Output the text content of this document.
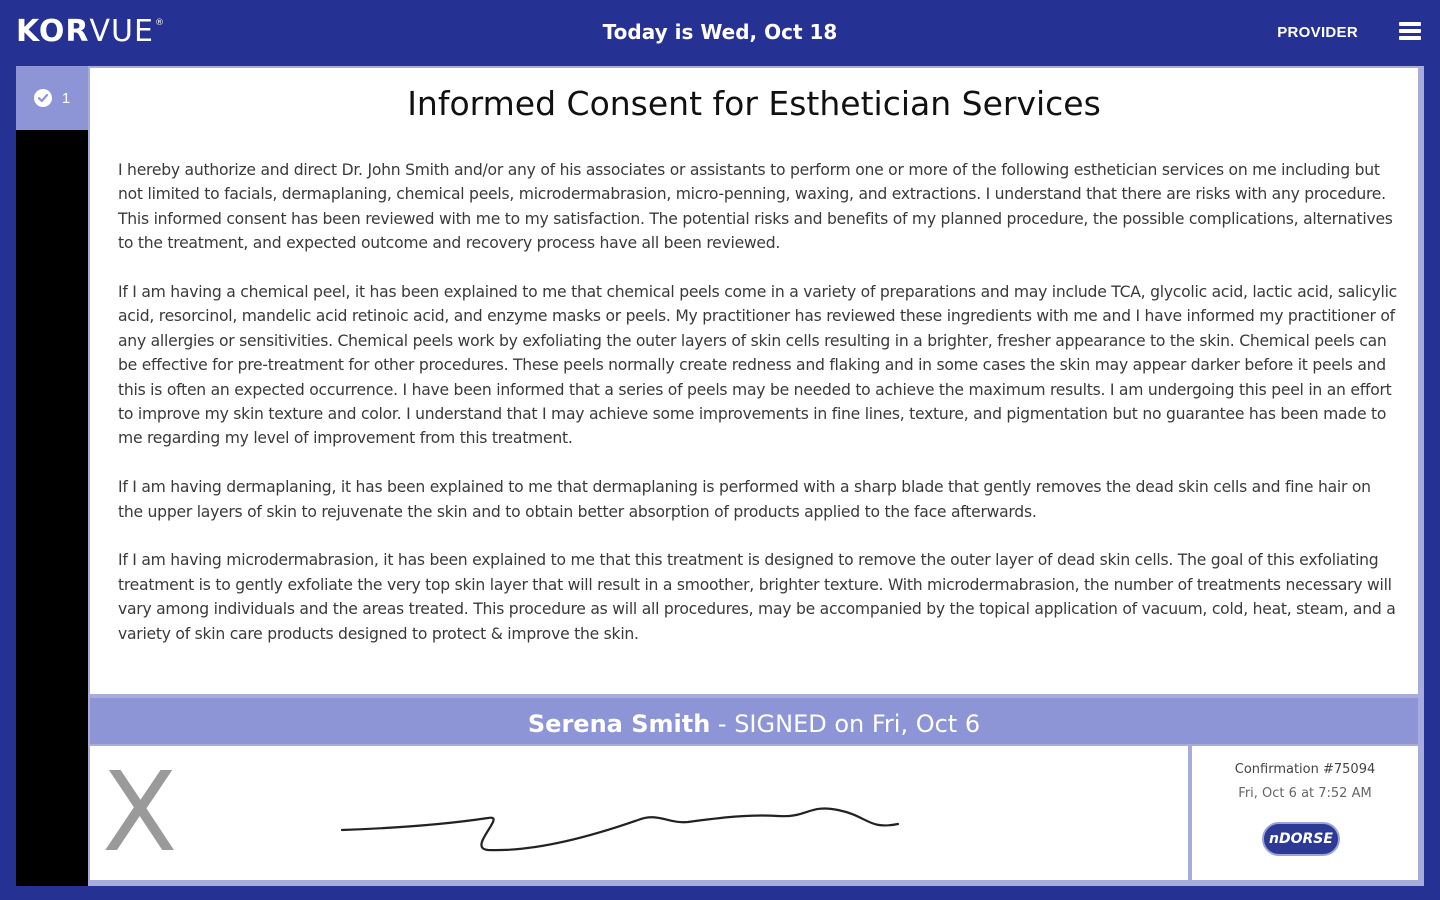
KOR VUE ®	Today is Wed, Oct 18	PROVIDER
1	Informed Consent for Esthetician Services

I hereby authorize and direct Dr. John Smith and/or any of his associates or assistants to perform one or more of the following esthetician services on me including but not limited to facials, dermaplaning, chemical peels, microdermabrasion, micro-penning, waxing, and extractions. I understand that there are risks with any procedure. This informed consent has been reviewed with me to my satisfaction. The potential risks and benefits of my planned procedure, the possible complications, alternatives to the treatment, and expected outcome and recovery process have all been reviewed.

If I am having a chemical peel, it has been explained to me that chemical peels come in a variety of preparations and may include TCA, glycolic acid, lactic acid, salicylic acid, resorcinol, mandelic acid retinoic acid, and enzyme masks or peels. My practitioner has reviewed these ingredients with me and I have informed my practitioner of any allergies or sensitivities. Chemical peels work by exfoliating the outer layers of skin cells resulting in a brighter, fresher appearance to the skin. Chemical peels can be effective for pre-treatment for other procedures. These peels normally create redness and flaking and in some cases the skin may appear darker before it peels and this is often an expected occurrence. I have been informed that a series of peels may be needed to achieve the maximum results. I am undergoing this peel in an effort to improve my skin texture and color. I understand that I may achieve some improvements in fine lines, texture, and pigmentation but no guarantee has been made to me regarding my level of improvement from this treatment.

If I am having dermaplaning, it has been explained to me that dermaplaning is performed with a sharp blade that gently removes the dead skin cells and fine hair on the upper layers of skin to rejuvenate the skin and to obtain better absorption of products applied to the face afterwards.

If I am having microdermabrasion, it has been explained to me that this treatment is designed to remove the outer layer of dead skin cells. The goal of this exfoliating treatment is to gently exfoliate the very top skin layer that will result in a smoother, brighter texture. With microdermabrasion, the number of treatments necessary will vary among individuals and the areas treated. This procedure as will all procedures, may be accompanied by the topical application of vacuum, cold, heat, steam, and a variety of skin care products designed to protect & improve the skin.

Serena Smith - SIGNED on Fri, Oct 6
X	Confirmation #75094
Fri, Oct 6 at 7:52 AM
nDORSE
